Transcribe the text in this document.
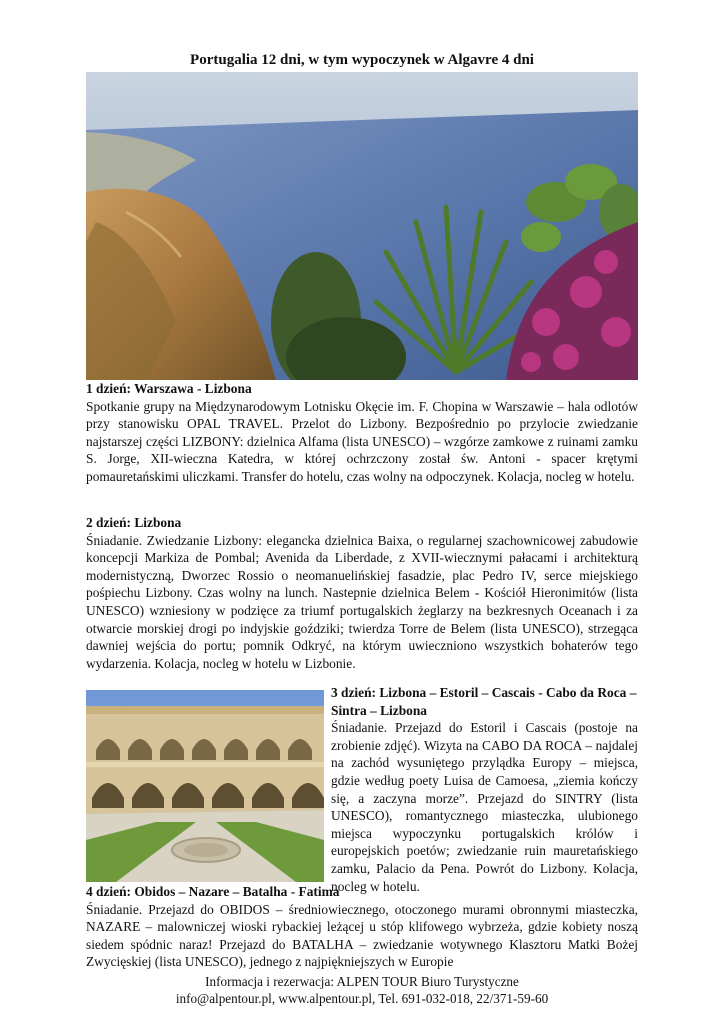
Portugalia 12 dni, w tym wypoczynek w Algavre 4 dni
1 dzień: Warszawa - Lizbona

Spotkanie grupy na Międzynarodowym Lotnisku Okęcie im. F. Chopina w Warszawie – hala odlotów przy stanowisku OPAL TRAVEL. Przelot do Lizbony. Bezpośrednio po przylocie zwiedzanie najstarszej części LIZBONY: dzielnica Alfama (lista UNESCO) – wzgórze zamkowe z ruinami zamku S. Jorge, XII-wieczna Katedra, w której ochrzczony został św. Antoni - spacer krętymi pomauretańskimi uliczkami. Transfer do hotelu, czas wolny na odpoczynek. Kolacja, nocleg w hotelu.

2 dzień: Lizbona

Śniadanie. Zwiedzanie Lizbony: elegancka dzielnica Baixa, o regularnej szachownicowej zabudowie koncepcji Markiza de Pombal; Avenida da Liberdade, z XVII-wiecznymi pałacami i architekturą modernistyczną, Dworzec Rossio o neomanuelińskiej fasadzie, plac Pedro IV, serce miejskiego pośpiechu Lizbony. Czas wolny na lunch. Nastepnie dzielnica Belem - Kościół Hieronimitów (lista UNESCO) wzniesiony w podzięce za triumf portugalskich żeglarzy na bezkresnych Oceanach i za otwarcie morskiej drogi po indyjskie goździki; twierdza Torre de Belem (lista UNESCO), strzegąca dawniej wejścia do portu; pomnik Odkryć, na którym uwieczniono wszystkich bohaterów tego wydarzenia. Kolacja, nocleg w hotelu w Lizbonie.

3 dzień: Lizbona – Estoril – Cascais - Cabo da Roca – Sintra – Lizbona

Śniadanie. Przejazd do Estoril i Cascais (postoje na zrobienie zdjęć). Wizyta na CABO DA ROCA – najdalej na zachód wysuniętego przylądka Europy – miejsca, gdzie według poety Luisa de Camoesa, „ziemia kończy się, a zaczyna morze”. Przejazd do SINTRY (lista UNESCO), romantycznego miasteczka, ulubionego miejsca wypoczynku portugalskich królów i europejskich poetów; zwiedzanie ruin mauretańskiego zamku, Palacio da Pena. Powrót do Lizbony. Kolacja, nocleg w hotelu.

4 dzień: Obidos – Nazare – Batalha - Fatima

Śniadanie. Przejazd do OBIDOS – średniowiecznego, otoczonego murami obronnymi miasteczka, NAZARE – malowniczej wioski rybackiej leżącej u stóp klifowego wybrzeża, gdzie kobiety noszą siedem spódnic naraz! Przejazd do BATALHA – zwiedzanie wotywnego Klasztoru Matki Bożej Zwycięskiej (lista UNESCO), jednego z najpiękniejszych w Europie

Informacja i rezerwacja: ALPEN TOUR Biuro Turystyczne
info@alpentour.pl, www.alpentour.pl, Tel. 691-032-018, 22/371-59-60
